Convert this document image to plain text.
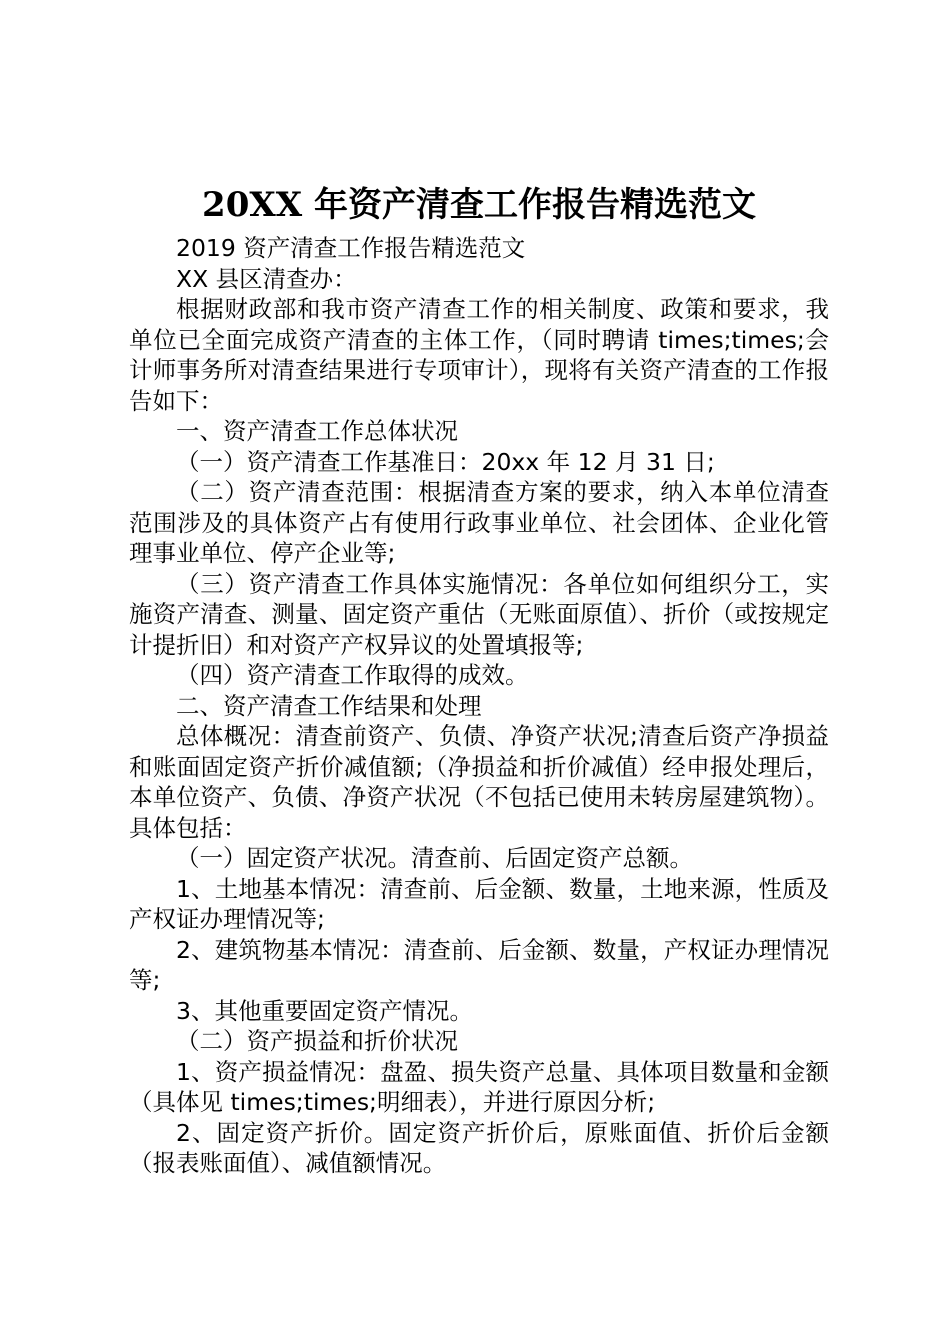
20XX 年资产清查工作报告精选范文

2019 资产清查工作报告精选范文

XX 县区清查办：

根据财政部和我市资产清查工作的相关制度、政策和要求，我单位已全面完成资产清查的主体工作，（同时聘请 times;times;会计师事务所对清查结果进行专项审计），现将有关资产清查的工作报告如下：

一、资产清查工作总体状况

（一）资产清查工作基准日：20xx 年 12 月 31 日;

（二）资产清查范围：根据清查方案的要求，纳入本单位清查范围涉及的具体资产占有使用行政事业单位、社会团体、企业化管理事业单位、停产企业等;

（三）资产清查工作具体实施情况：各单位如何组织分工，实施资产清查、测量、固定资产重估（无账面原值）、折价（或按规定计提折旧）和对资产产权异议的处置填报等;

（四）资产清查工作取得的成效。

二、资产清查工作结果和处理

总体概况：清查前资产、负债、净资产状况;清查后资产净损益和账面固定资产折价减值额;（净损益和折价减值）经申报处理后，本单位资产、负债、净资产状况（不包括已使用未转房屋建筑物）。具体包括：

（一）固定资产状况。清查前、后固定资产总额。

1、土地基本情况：清查前、后金额、数量，土地来源，性质及产权证办理情况等;

2、建筑物基本情况：清查前、后金额、数量，产权证办理情况等;

3、其他重要固定资产情况。

（二）资产损益和折价状况

1、资产损益情况：盘盈、损失资产总量、具体项目数量和金额（具体见 times;times;明细表），并进行原因分析;

2、固定资产折价。固定资产折价后，原账面值、折价后金额（报表账面值）、减值额情况。
